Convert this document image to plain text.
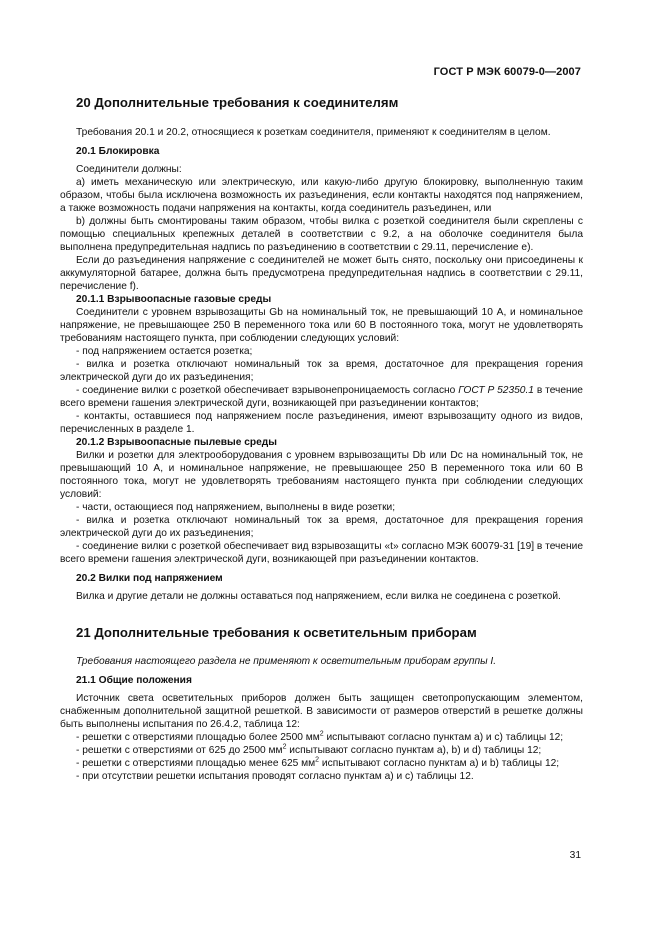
ГОСТ Р МЭК 60079-0—2007

20 Дополнительные требования к соединителям

Требования 20.1 и 20.2, относящиеся к розеткам соединителя, применяют к соединителям в целом.

20.1 Блокировка

Соединители должны:

a) иметь механическую или электрическую, или какую-либо другую блокировку, выполненную таким образом, чтобы была исключена возможность их разъединения, если контакты находятся под напряжением, а также возможность подачи напряжения на контакты, когда соединитель разъединен, или

b) должны быть смонтированы таким образом, чтобы вилка с розеткой соединителя были скреплены с помощью специальных крепежных деталей в соответствии с 9.2, а на оболочке соединителя была выполнена предупредительная надпись по разъединению в соответствии с 29.11, перечисление e).

Если до разъединения напряжение с соединителей не может быть снято, поскольку они присоединены к аккумуляторной батарее, должна быть предусмотрена предупредительная надпись в соответствии с 29.11, перечисление f).

20.1.1 Взрывоопасные газовые среды

Соединители с уровнем взрывозащиты Gb на номинальный ток, не превышающий 10 А, и номинальное напряжение, не превышающее 250 В переменного тока или 60 В постоянного тока, могут не удовлетворять требованиям настоящего пункта, при соблюдении следующих условий:

- под напряжением остается розетка;

- вилка и розетка отключают номинальный ток за время, достаточное для прекращения горения электрической дуги до их разъединения;

- соединение вилки с розеткой обеспечивает взрывонепроницаемость согласно ГОСТ Р 52350.1 в течение всего времени гашения электрической дуги, возникающей при разъединении контактов;

- контакты, оставшиеся под напряжением после разъединения, имеют взрывозащиту одного из видов, перечисленных в разделе 1.

20.1.2 Взрывоопасные пылевые среды

Вилки и розетки для электрооборудования с уровнем взрывозащиты Db или Dc на номинальный ток, не превышающий 10 А, и номинальное напряжение, не превышающее 250 В переменного тока или 60 В постоянного тока, могут не удовлетворять требованиям настоящего пункта при соблюдении следующих условий:

- части, остающиеся под напряжением, выполнены в виде розетки;

- вилка и розетка отключают номинальный ток за время, достаточное для прекращения горения электрической дуги до их разъединения;

- соединение вилки с розеткой обеспечивает вид взрывозащиты «t» согласно МЭК 60079-31 [19] в течение всего времени гашения электрической дуги, возникающей при разъединении контактов.

20.2 Вилки под напряжением

Вилка и другие детали не должны оставаться под напряжением, если вилка не соединена с розеткой.

21 Дополнительные требования к осветительным приборам

Требования настоящего раздела не применяют к осветительным приборам группы I.

21.1 Общие положения

Источник света осветительных приборов должен быть защищен светопропускающим элементом, снабженным дополнительной защитной решеткой. В зависимости от размеров отверстий в решетке должны быть выполнены испытания по 26.4.2, таблица 12:

- решетки с отверстиями площадью более 2500 $мм^2$ испытывают согласно пунктам a) и c) таблицы 12;

- решетки с отверстиями от 625 до 2500 $мм^2$ испытывают согласно пунктам a), b) и d) таблицы 12;

- решетки с отверстиями площадью менее 625 $мм^2$ испытывают согласно пунктам a) и b) таблицы 12;

- при отсутствии решетки испытания проводят согласно пунктам a) и c) таблицы 12.

31
